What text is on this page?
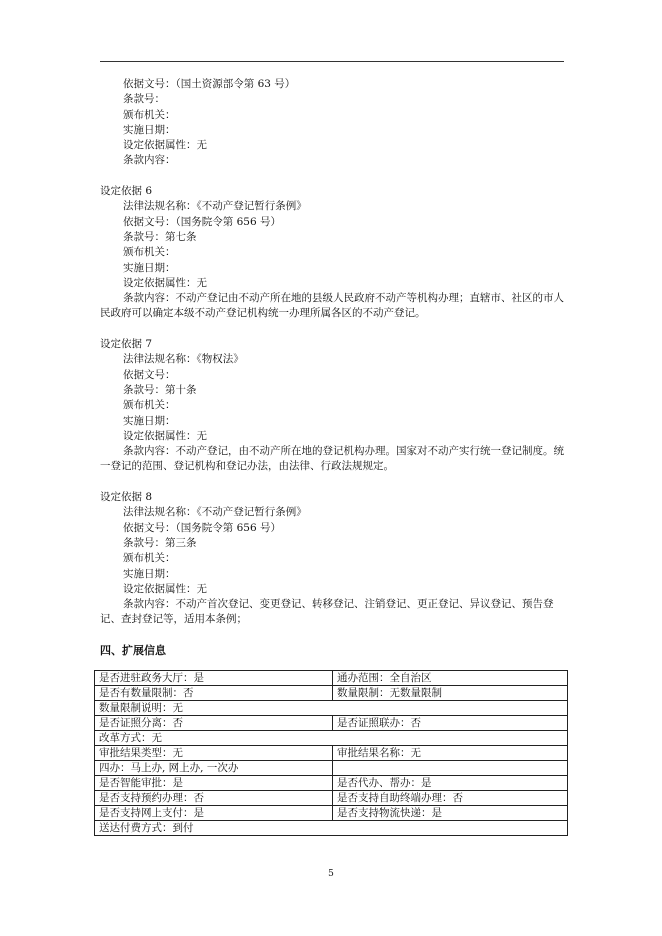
依据文号：（国土资源部令第 63 号）
条款号：
颁布机关：
实施日期：
设定依据属性：无
条款内容：
设定依据 6
法律法规名称：《不动产登记暂行条例》
依据文号：（国务院令第 656 号）
条款号：第七条
颁布机关：
实施日期：
设定依据属性：无
条款内容：不动产登记由不动产所在地的县级人民政府不动产等机构办理；直辖市、社区的市人民政府可以确定本级不动产登记机构统一办理所属各区的不动产登记。
设定依据 7
法律法规名称：《物权法》
依据文号：
条款号：第十条
颁布机关：
实施日期：
设定依据属性：无
条款内容：不动产登记，由不动产所在地的登记机构办理。国家对不动产实行统一登记制度。统一登记的范围、登记机构和登记办法，由法律、行政法规规定。
设定依据 8
法律法规名称：《不动产登记暂行条例》
依据文号：（国务院令第 656 号）
条款号：第三条
颁布机关：
实施日期：
设定依据属性：无
条款内容：不动产首次登记、变更登记、转移登记、注销登记、更正登记、异议登记、预告登记、查封登记等，适用本条例；
四、扩展信息
是否进驻政务大厅：是	通办范围：全自治区
是否有数量限制：否	数量限制：无数量限制
数量限制说明：无	
是否证照分离：否	是否证照联办：否
改革方式：无	
审批结果类型：无	审批结果名称：无
四办：马上办, 网上办, 一次办	
是否智能审批：是	是否代办、帮办：是
是否支持预约办理：否	是否支持自助终端办理：否
是否支持网上支付：是	是否支持物流快递：是
送达付费方式：到付	
5
